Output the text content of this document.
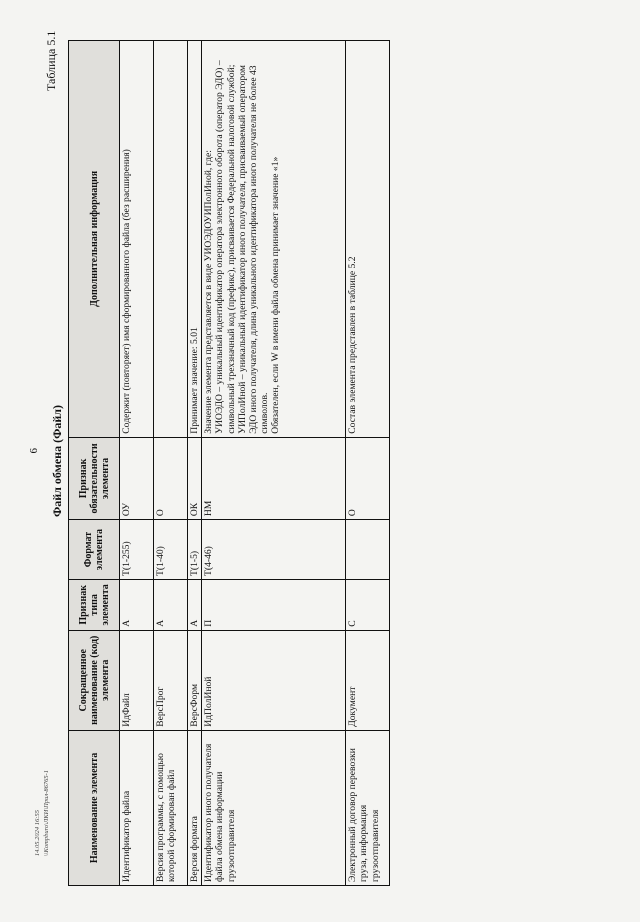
6
14.05.2024 16:55 \\Kompburo\ЛКИ\Прил-86765-1
Таблица 5.1
Файл обмена (Файл)
Наименование элемента	Сокращенное наименование (код) элемента	Признак типа элемента	Формат элемента	Признак обязательности элемента	Дополнительная информация
Идентификатор файла	ИдФайл	А	T(1-255)	ОУ	Содержит (повторяет) имя сформированного файла (без расширения)

Версия программы, с помощью которой сформирован файл	ВерсПрог	А	T(1-40)	О	

Версия формата	ВерсФорм	А	T(1-5)	ОК	Принимает значение: 5.01

Идентификатор иного получателя файла обмена информации грузоотправителя	ИдПолИной	П	T(4-46)	НМ	Значение элемента представляется в виде УИОЭДОУИПолИной, где: УИОЭДО – уникальный идентификатор оператора электронного оборота (оператор ЭДО) – символьный трехзначный код (префикс), присваивается Федеральной налоговой службой; УИПолИной – уникальный идентификатор иного получателя, присваиваемый оператором ЭДО иного получателя, длина уникального идентификатора иного получателя не более 43 символов. Обязателен, если W в имени файла обмена принимает значение «1»

Электронный договор перевозки груза, информация грузоотправителя	Документ	С		О	Состав элемента представлен в таблице 5.2
